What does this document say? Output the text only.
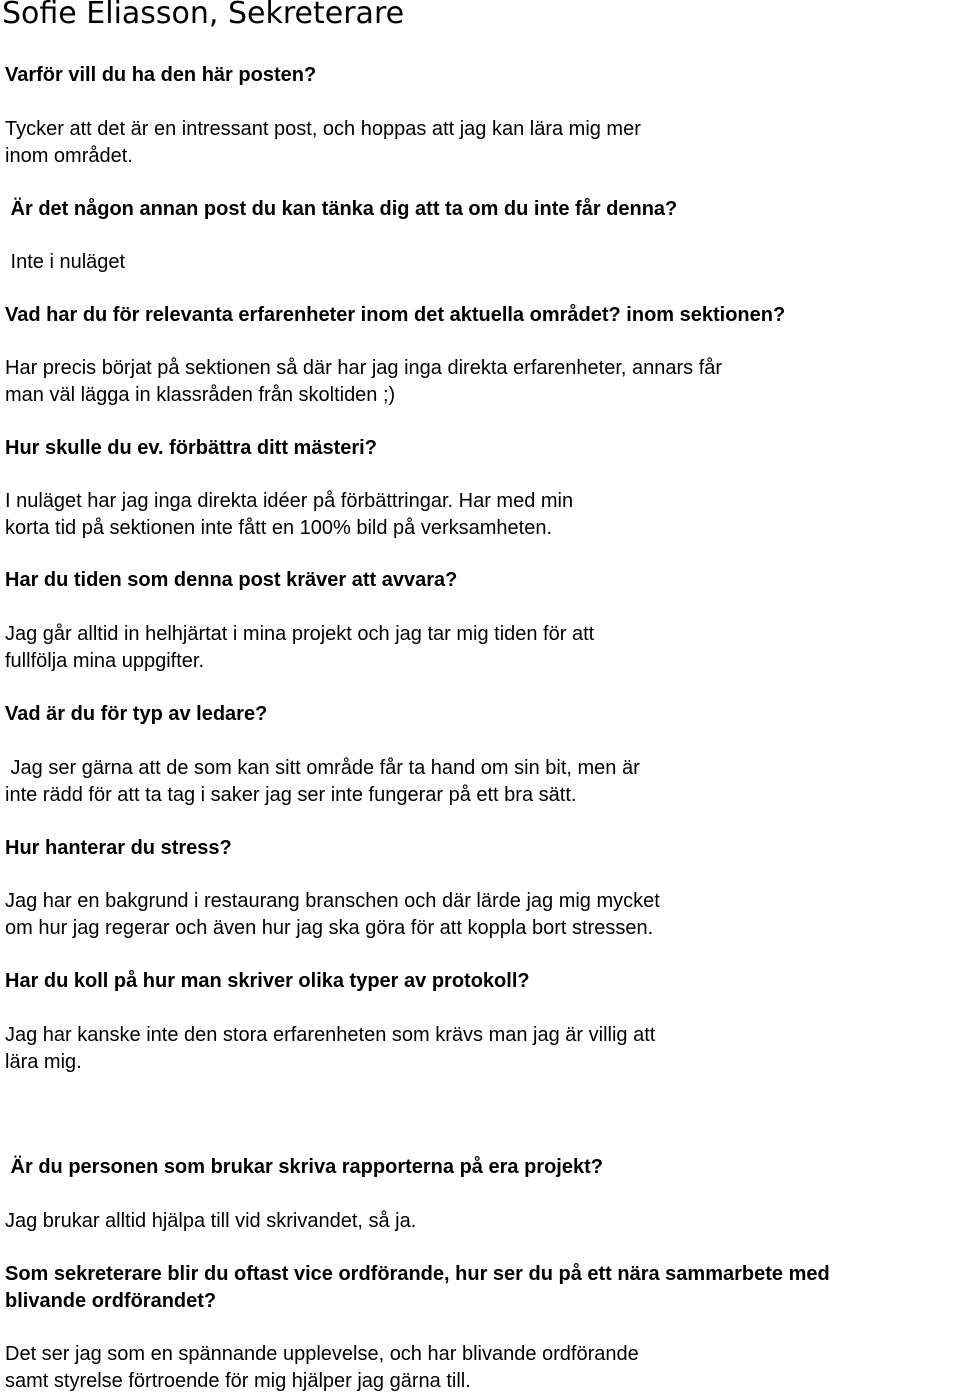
Sofie Eliasson, Sekreterare

Varför vill du ha den här posten?

Tycker att det är en intressant post, och hoppas att jag kan lära mig mer
inom området.

Är det någon annan post du kan tänka dig att ta om du inte får denna?

Inte i nuläget

Vad har du för relevanta erfarenheter inom det aktuella området? inom sektionen?

Har precis börjat på sektionen så där har jag inga direkta erfarenheter, annars får
man väl lägga in klassråden från skoltiden ;)

Hur skulle du ev. förbättra ditt mästeri?

I nuläget har jag inga direkta idéer på förbättringar. Har med min
korta tid på sektionen inte fått en 100% bild på verksamheten.

Har du tiden som denna post kräver att avvara?

Jag går alltid in helhjärtat i mina projekt och jag tar mig tiden för att
fullfölja mina uppgifter.

Vad är du för typ av ledare?

Jag ser gärna att de som kan sitt område får ta hand om sin bit, men är
inte rädd för att ta tag i saker jag ser inte fungerar på ett bra sätt.

Hur hanterar du stress?

Jag har en bakgrund i restaurang branschen och där lärde jag mig mycket
om hur jag regerar och även hur jag ska göra för att koppla bort stressen.

Har du koll på hur man skriver olika typer av protokoll?

Jag har kanske inte den stora erfarenheten som krävs man jag är villig att
lära mig.

Är du personen som brukar skriva rapporterna på era projekt?

Jag brukar alltid hjälpa till vid skrivandet, så ja.

Som sekreterare blir du oftast vice ordförande, hur ser du på ett nära sammarbete med
blivande ordförandet?

Det ser jag som en spännande upplevelse, och har blivande ordförande
samt styrelse förtroende för mig hjälper jag gärna till.
